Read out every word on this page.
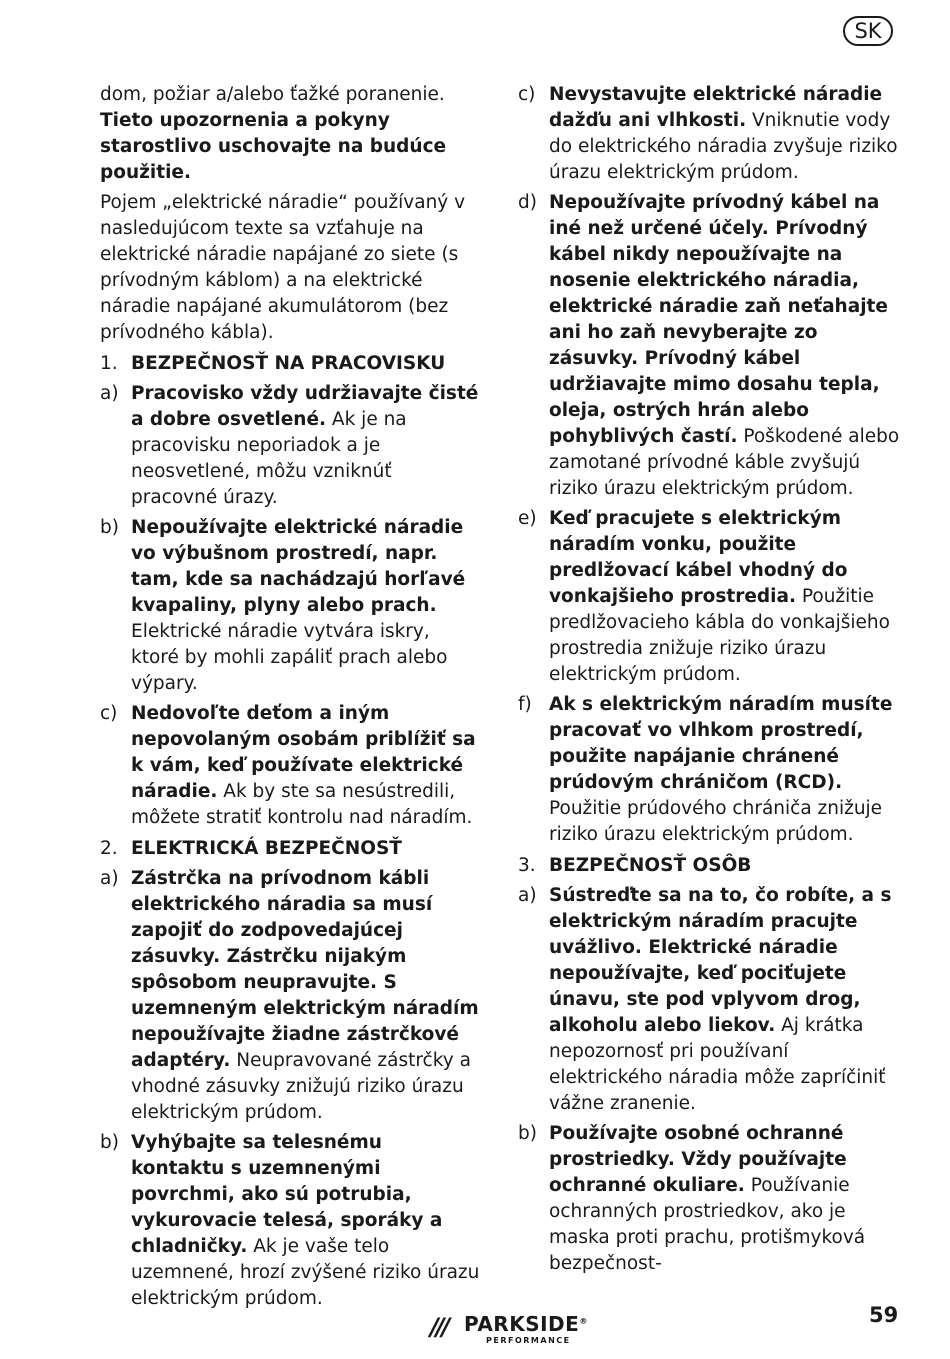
SK

dom, požiar a/alebo ťažké poranenie.

Tieto upozornenia a pokyny starostlivo uschovajte na budúce použitie.

Pojem „elektrické náradie“ používaný v nasledujúcom texte sa vzťahuje na elektrické náradie napájané zo siete (s prívodným káblom) a na elektrické náradie napájané akumulátorom (bez prívodného kábla).

1. BEZPEČNOSŤ NA PRACOVISKU
a) Pracovisko vždy udržiavajte čisté a dobre osvetlené. Ak je na pracovisku neporiadok a je neosvetlené, môžu vzniknúť pracovné úrazy.
b) Nepoužívajte elektrické náradie vo výbušnom prostredí, napr. tam, kde sa nachádzajú horľavé kvapaliny, plyny alebo prach. Elektrické náradie vytvára iskry, ktoré by mohli zapáliť prach alebo výpary.
c) Nedovoľte deťom a iným nepovolaným osobám priblížiť sa k vám, keď používate elektrické náradie. Ak by ste sa nesústredili, môžete stratiť kontrolu nad náradím.
2. ELEKTRICKÁ BEZPEČNOSŤ
a) Zástrčka na prívodnom kábli elektrického náradia sa musí zapojiť do zodpovedajúcej zásuvky. Zástrčku nijakým spôsobom neupravujte. S uzemneným elektrickým náradím nepoužívajte žiadne zástrčkové adaptéry. Neupravované zástrčky a vhodné zásuvky znižujú riziko úrazu elektrickým prúdom.
b) Vyhýbajte sa telesnému kontaktu s uzemnenými povrchmi, ako sú potrubia, vykurovacie telesá, sporáky a chladničky. Ak je vaše telo uzemnené, hrozí zvýšené riziko úrazu elektrickým prúdom.
c) Nevystavujte elektrické náradie dažďu ani vlhkosti. Vniknutie vody do elektrického náradia zvyšuje riziko úrazu elektrickým prúdom.
d) Nepoužívajte prívodný kábel na iné než určené účely. Prívodný kábel nikdy nepoužívajte na nosenie elektrického náradia, elektrické náradie zaň neťahajte ani ho zaň nevyberajte zo zásuvky. Prívodný kábel udržiavajte mimo dosahu tepla, oleja, ostrých hrán alebo pohyblivých častí. Poškodené alebo zamotané prívodné káble zvyšujú riziko úrazu elektrickým prúdom.
e) Keď pracujete s elektrickým náradím vonku, použite predlžovací kábel vhodný do vonkajšieho prostredia. Použitie predlžovacieho kábla do vonkajšieho prostredia znižuje riziko úrazu elektrickým prúdom.
f) Ak s elektrickým náradím musíte pracovať vo vlhkom prostredí, použite napájanie chránené prúdovým chráničom (RCD). Použitie prúdového chrániča znižuje riziko úrazu elektrickým prúdom.
3. BEZPEČNOSŤ OSÔB
a) Sústreďte sa na to, čo robíte, a s elektrickým náradím pracujte uvážlivo. Elektrické náradie nepoužívajte, keď pociťujete únavu, ste pod vplyvom drog, alkoholu alebo liekov. Aj krátka nepozornosť pri používaní elektrického náradia môže zapríčiniť vážne zranenie.
b) Používajte osobné ochranné prostriedky. Vždy používajte ochranné okuliare. Používanie ochranných prostriedkov, ako je maska proti prachu, protišmyková bezpečnost-
/// PARKSIDE®
PERFORMANCE
59
